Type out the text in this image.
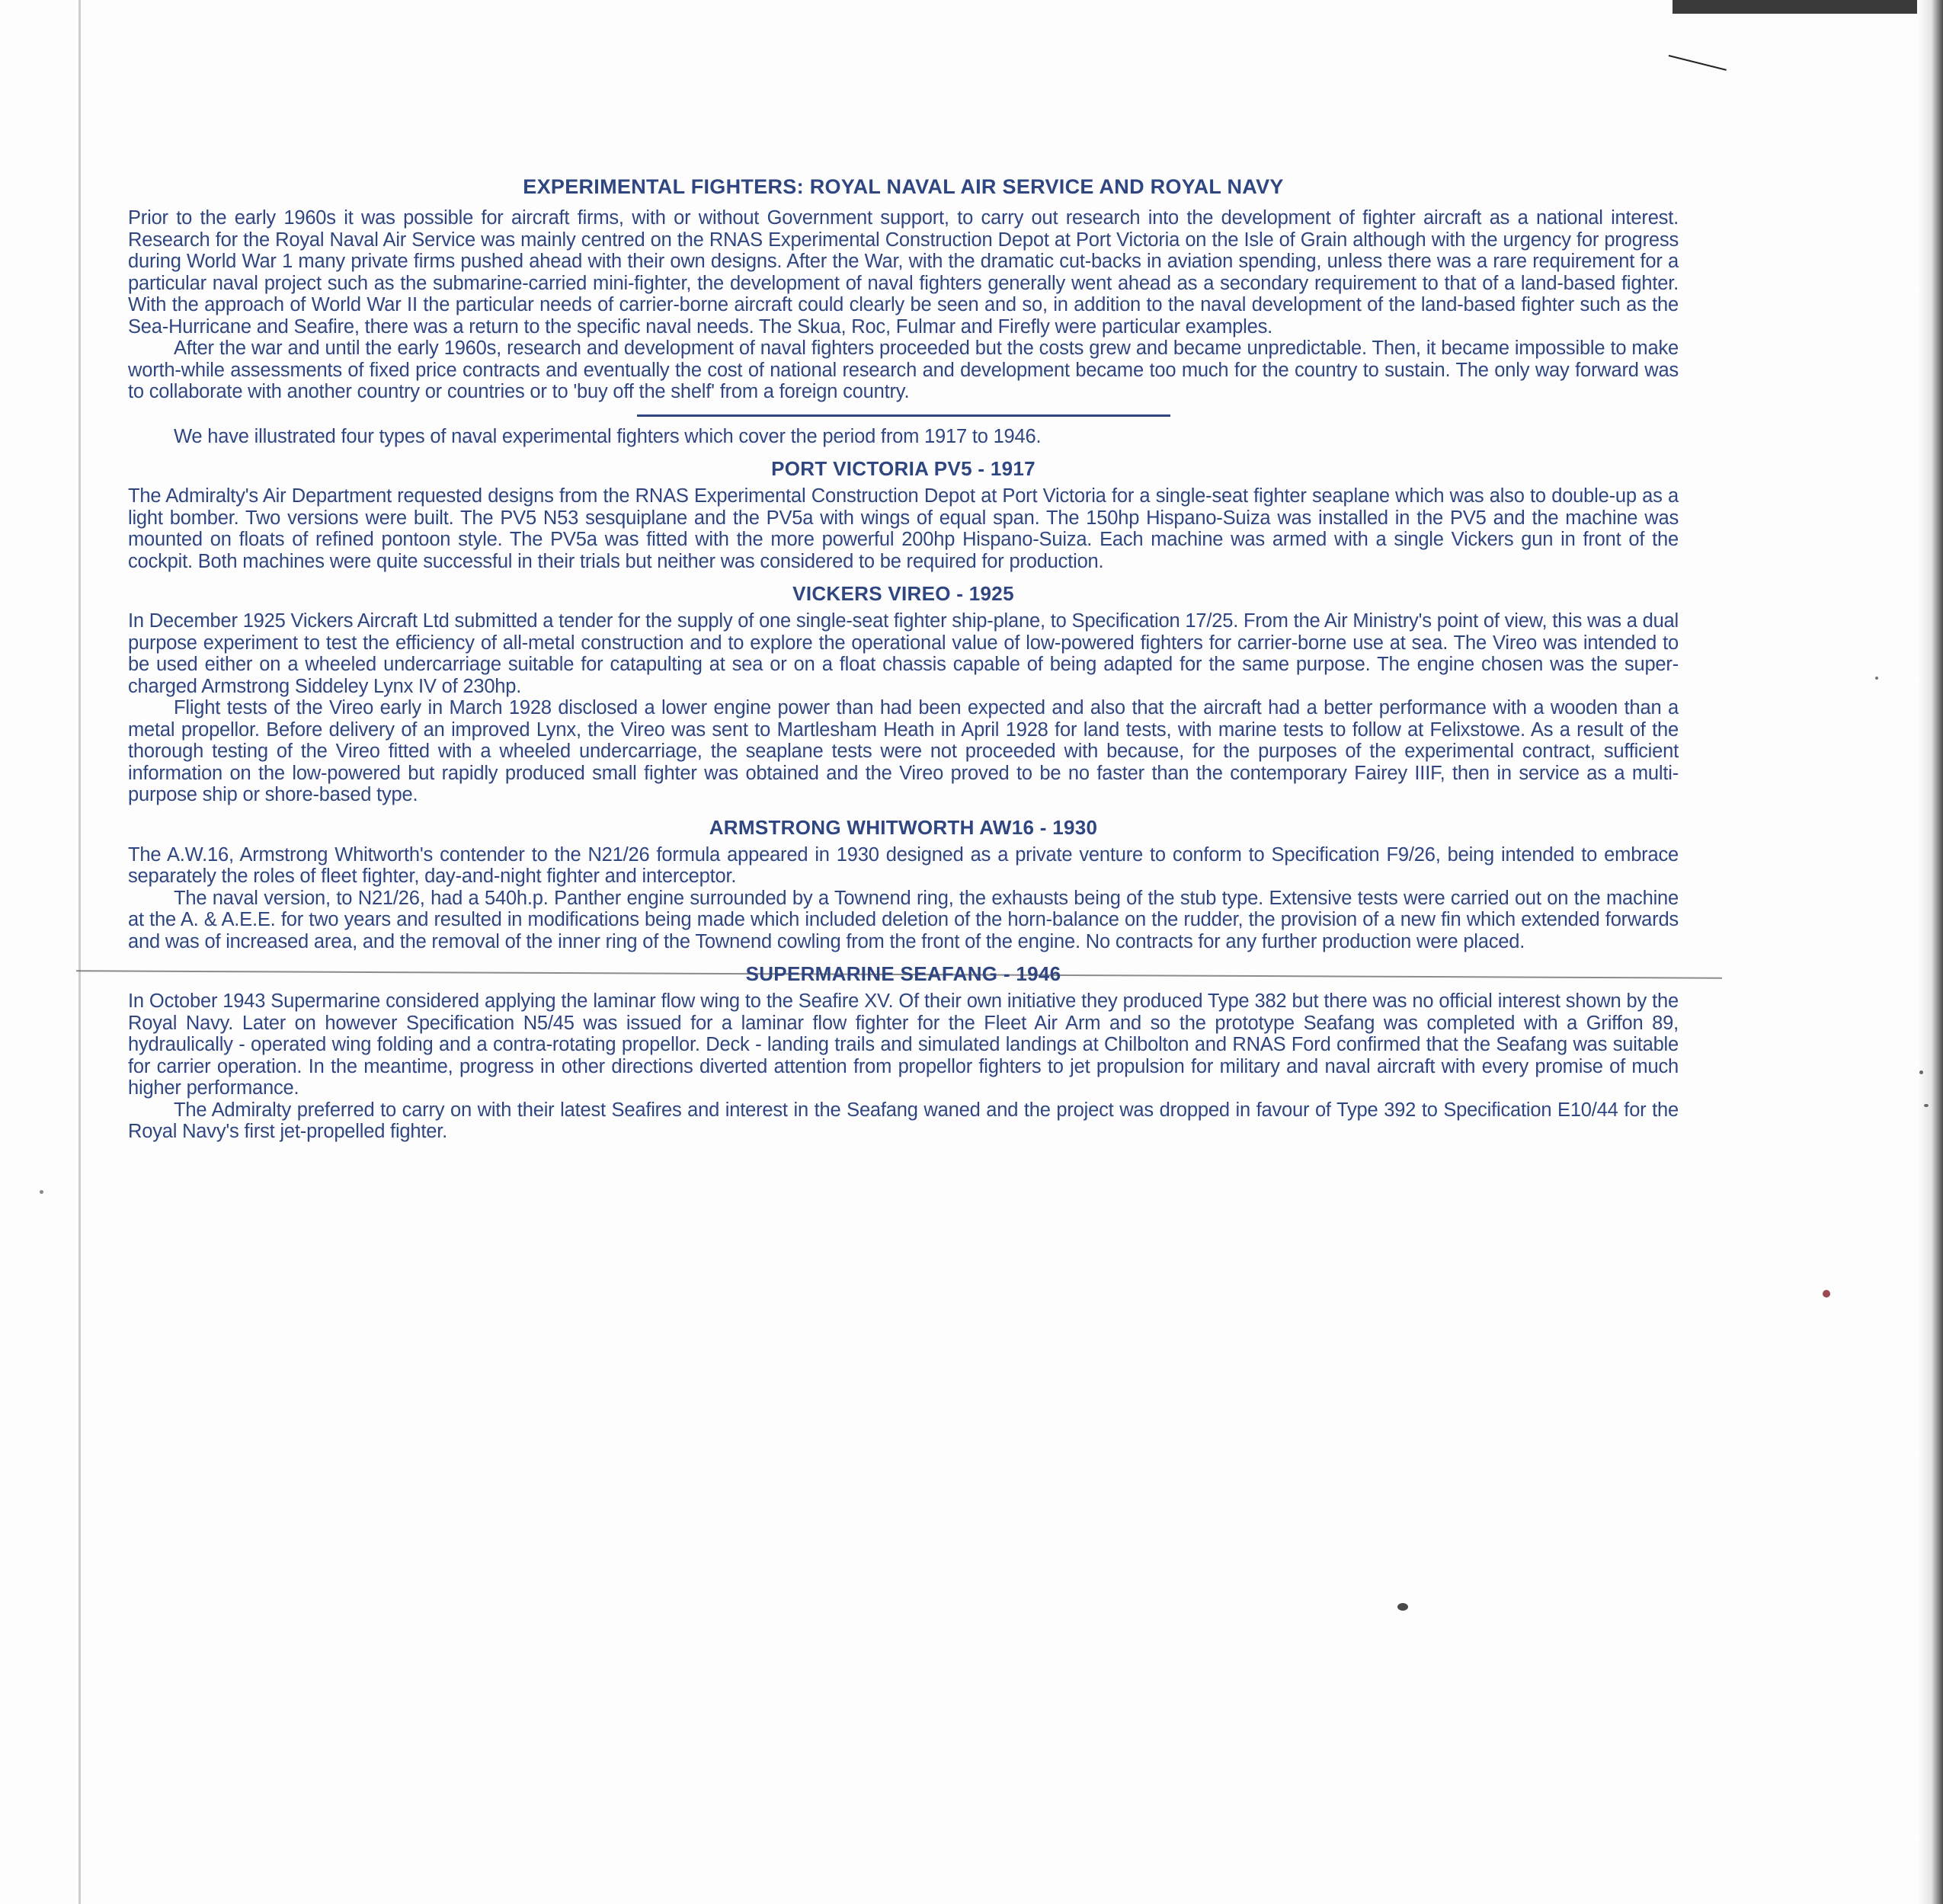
EXPERIMENTAL FIGHTERS: ROYAL NAVAL AIR SERVICE AND ROYAL NAVY

Prior to the early 1960s it was possible for aircraft firms, with or without Government support, to carry out research into the development of fighter aircraft as a national interest. Research for the Royal Naval Air Service was mainly centred on the RNAS Experimental Construction Depot at Port Victoria on the Isle of Grain although with the urgency for progress during World War 1 many private firms pushed ahead with their own designs. After the War, with the dramatic cut-backs in aviation spending, unless there was a rare requirement for a particular naval project such as the submarine-carried mini-fighter, the development of naval fighters generally went ahead as a secondary requirement to that of a land-based fighter. With the approach of World War II the particular needs of carrier-borne aircraft could clearly be seen and so, in addition to the naval development of the land-based fighter such as the Sea-Hurricane and Seafire, there was a return to the specific naval needs. The Skua, Roc, Fulmar and Firefly were particular examples.

After the war and until the early 1960s, research and development of naval fighters proceeded but the costs grew and became unpredictable. Then, it became impossible to make worth-while assessments of fixed price contracts and eventually the cost of national research and development became too much for the country to sustain. The only way forward was to collaborate with another country or countries or to 'buy off the shelf' from a foreign country.

We have illustrated four types of naval experimental fighters which cover the period from 1917 to 1946.

PORT VICTORIA PV5 - 1917

The Admiralty's Air Department requested designs from the RNAS Experimental Construction Depot at Port Victoria for a single-seat fighter seaplane which was also to double-up as a light bomber. Two versions were built. The PV5 N53 sesquiplane and the PV5a with wings of equal span. The 150hp Hispano-Suiza was installed in the PV5 and the machine was mounted on floats of refined pontoon style. The PV5a was fitted with the more powerful 200hp Hispano-Suiza. Each machine was armed with a single Vickers gun in front of the cockpit. Both machines were quite successful in their trials but neither was considered to be required for production.

VICKERS VIREO - 1925

In December 1925 Vickers Aircraft Ltd submitted a tender for the supply of one single-seat fighter ship-plane, to Specification 17/25. From the Air Ministry's point of view, this was a dual purpose experiment to test the efficiency of all-metal construction and to explore the operational value of low-powered fighters for carrier-borne use at sea. The Vireo was intended to be used either on a wheeled undercarriage suitable for catapulting at sea or on a float chassis capable of being adapted for the same purpose. The engine chosen was the super-charged Armstrong Siddeley Lynx IV of 230hp.

Flight tests of the Vireo early in March 1928 disclosed a lower engine power than had been expected and also that the aircraft had a better performance with a wooden than a metal propellor. Before delivery of an improved Lynx, the Vireo was sent to Martlesham Heath in April 1928 for land tests, with marine tests to follow at Felixstowe. As a result of the thorough testing of the Vireo fitted with a wheeled undercarriage, the seaplane tests were not proceeded with because, for the purposes of the experimental contract, sufficient information on the low-powered but rapidly produced small fighter was obtained and the Vireo proved to be no faster than the contemporary Fairey IIIF, then in service as a multi-purpose ship or shore-based type.

ARMSTRONG WHITWORTH AW16 - 1930

The A.W.16, Armstrong Whitworth's contender to the N21/26 formula appeared in 1930 designed as a private venture to conform to Specification F9/26, being intended to embrace separately the roles of fleet fighter, day-and-night fighter and interceptor.

The naval version, to N21/26, had a 540h.p. Panther engine surrounded by a Townend ring, the exhausts being of the stub type. Extensive tests were carried out on the machine at the A. & A.E.E. for two years and resulted in modifications being made which included deletion of the horn-balance on the rudder, the provision of a new fin which extended forwards and was of increased area, and the removal of the inner ring of the Townend cowling from the front of the engine. No contracts for any further production were placed.

SUPERMARINE SEAFANG - 1946

In October 1943 Supermarine considered applying the laminar flow wing to the Seafire XV. Of their own initiative they produced Type 382 but there was no official interest shown by the Royal Navy. Later on however Specification N5/45 was issued for a laminar flow fighter for the Fleet Air Arm and so the prototype Seafang was completed with a Griffon 89, hydraulically - operated wing folding and a contra-rotating propellor. Deck - landing trails and simulated landings at Chilbolton and RNAS Ford confirmed that the Seafang was suitable for carrier operation. In the meantime, progress in other directions diverted attention from propellor fighters to jet propulsion for military and naval aircraft with every promise of much higher performance.

The Admiralty preferred to carry on with their latest Seafires and interest in the Seafang waned and the project was dropped in favour of Type 392 to Specification E10/44 for the Royal Navy's first jet-propelled fighter.
